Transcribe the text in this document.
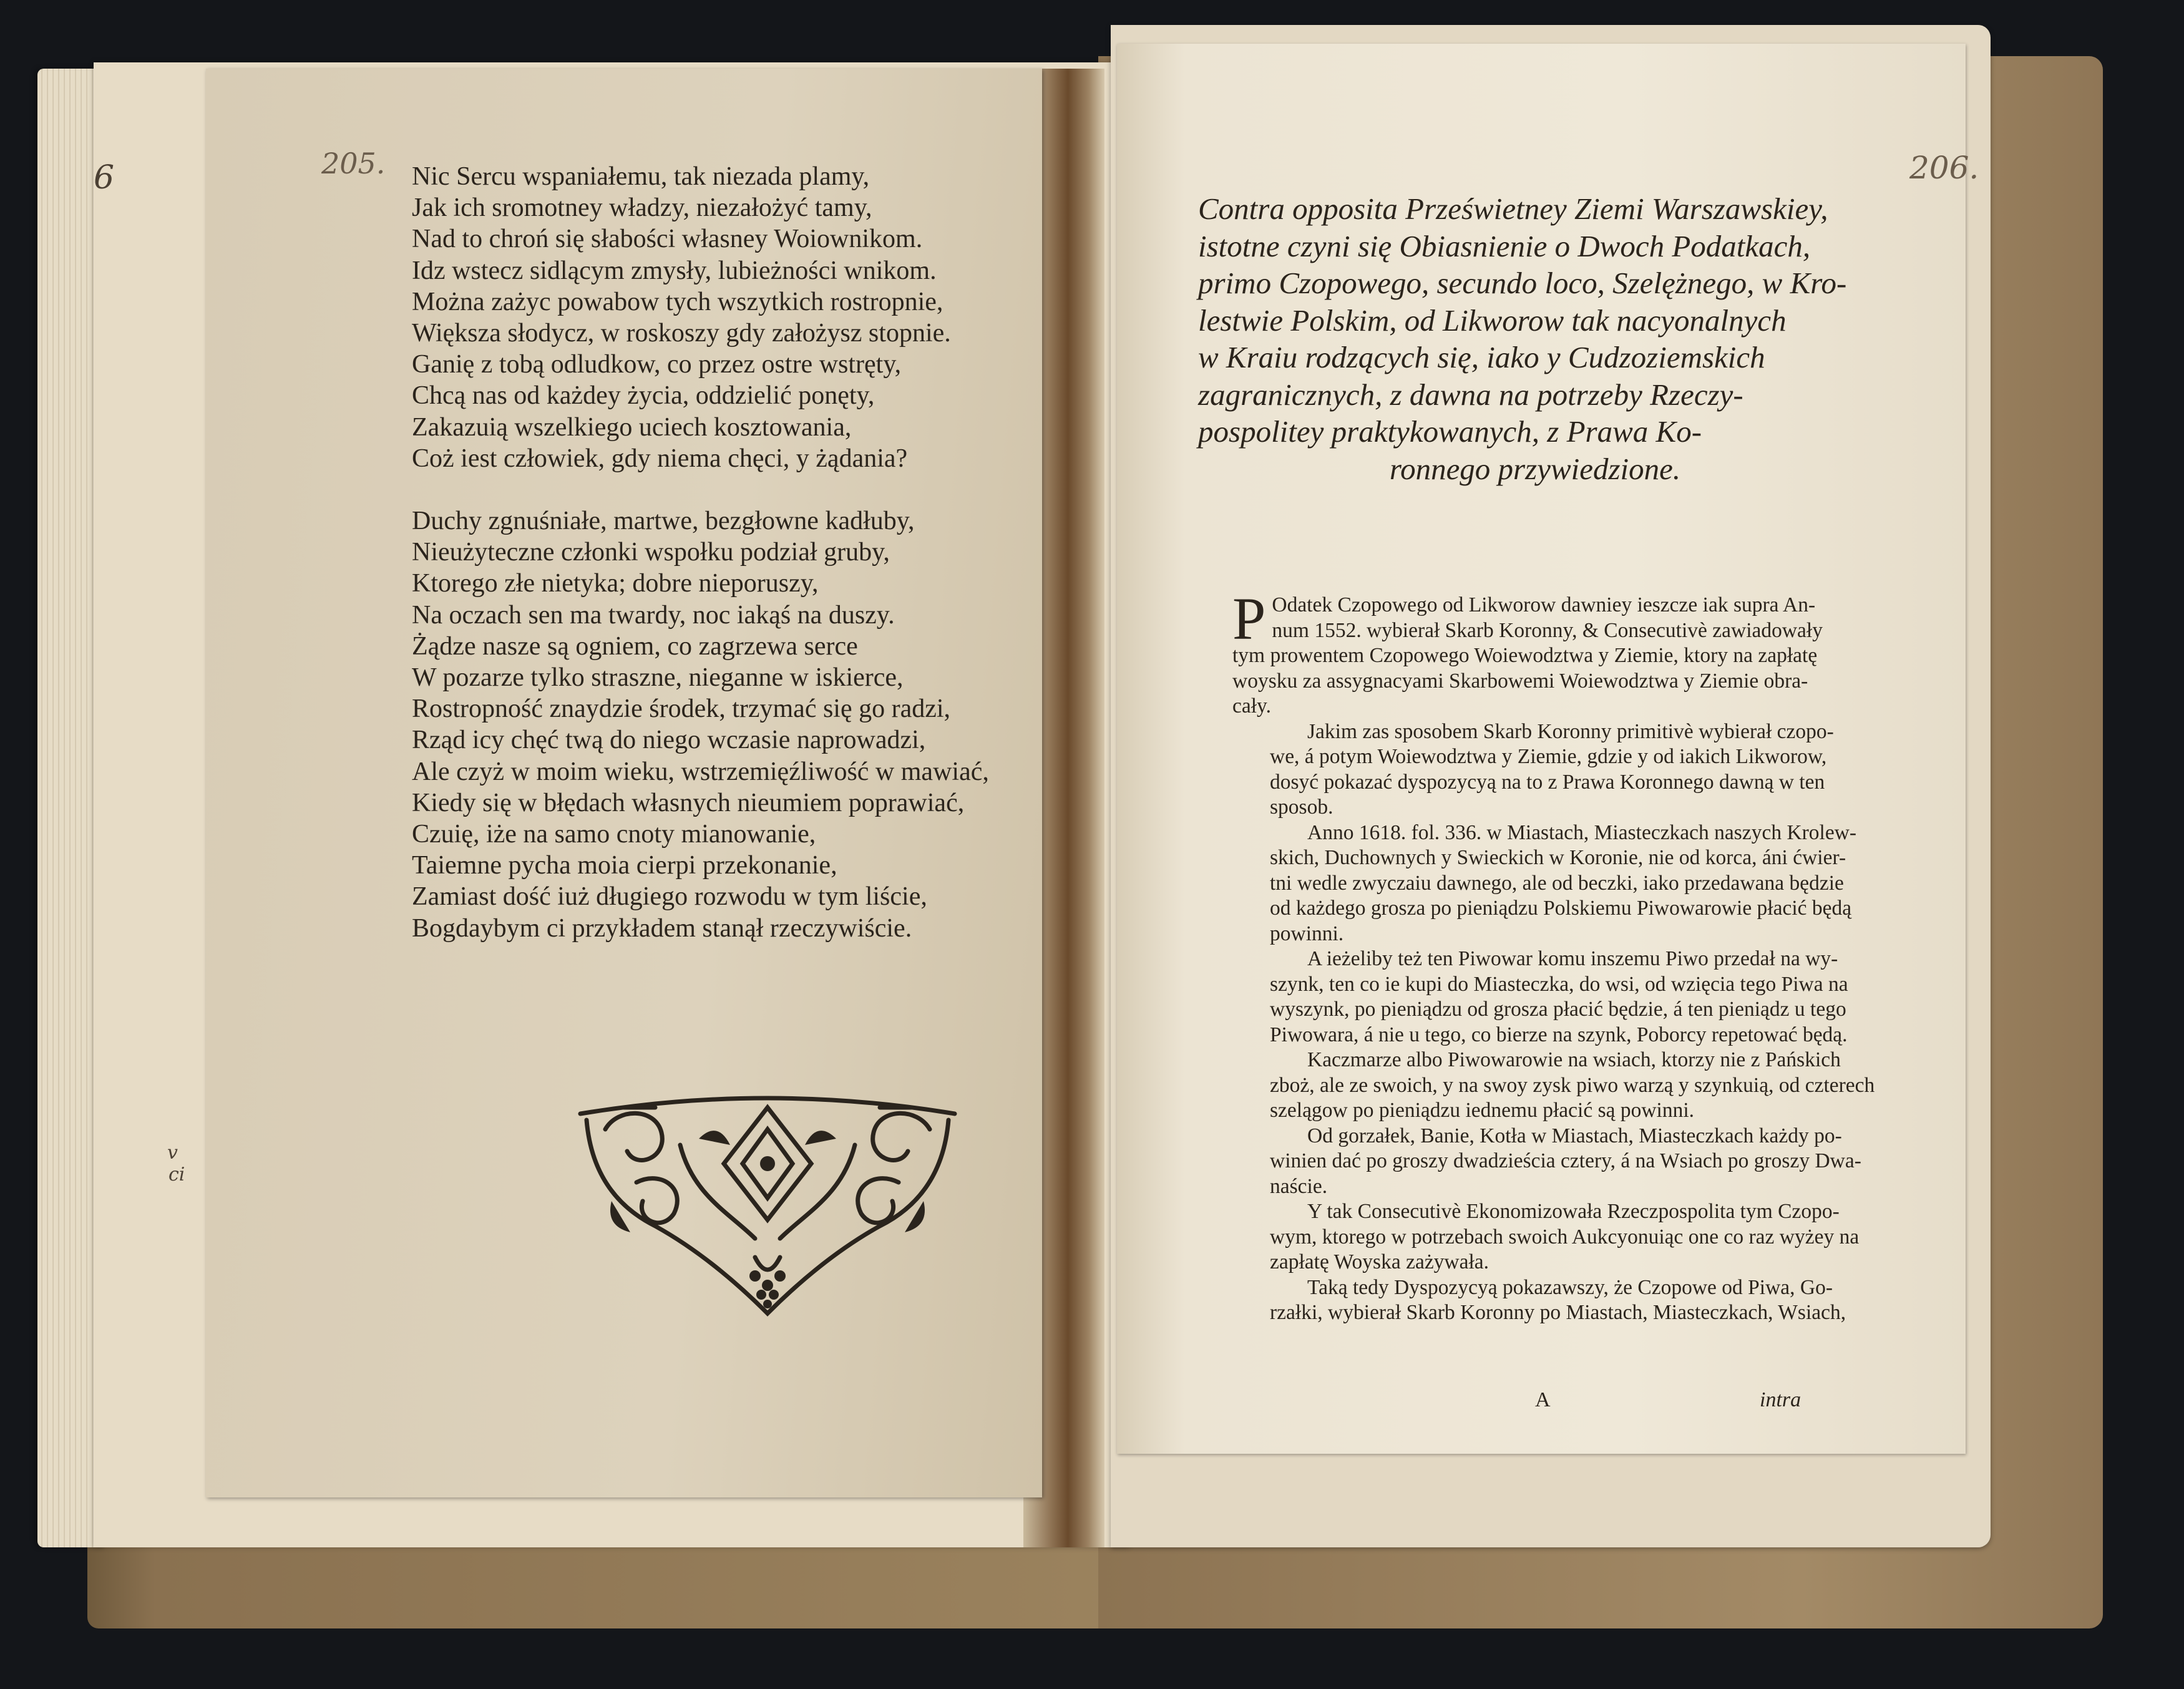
6
v
ci
205. Nic Sercu wspaniałemu, tak niezada plamy,
Jak ich sromotney władzy, niezałożyć tamy,
Nad to chroń się słabości własney Woiownikom.
Idz wstecz sidlącym zmysły, lubieżności wnikom.
Można zażyc powabow tych wszytkich rostropnie,
Większa słodycz, w roskoszy gdy założysz stopnie.
Ganię z tobą odludkow, co przez ostre wstręty,
Chcą nas od każdey życia, oddzielić ponęty,
Zakazuią wszelkiego uciech kosztowania,
Coż iest człowiek, gdy niema chęci, y żądania?
Duchy zgnuśniałe, martwe, bezgłowne kadłuby,
Nieużyteczne członki wspołku podział gruby,
Ktorego złe nietyka; dobre nieporuszy,
Na oczach sen ma twardy, noc iakąś na duszy.
Żądze nasze są ogniem, co zagrzewa serce
W pozarze tylko straszne, niegannе w iskierce,
Rostropność znaydzie środek, trzymać się go radzi,
Rząd icy chęć twą do niego wczasie naprowadzi,
Ale czyż w moim wieku, wstrzemięźliwość w mawiać,
Kiedy się w błędach własnych nieumiem poprawiać,
Czuię, iże na samo cnoty mianowanie,
Taiemne pycha moia cierpi przekonanie,
Zamiast dość iuż długiego rozwodu w tym liście,
Bogdaybym ci przykładem stanął rzeczywiście.
206.
Contra opposita Prześwietney Ziemi Warszawskiey,
istotne czyni się Obiasnienie o Dwoch Podatkach,
primo Czopowego, secundo loco, Szelężnego, w Kro-
lestwie Polskim, od Likworow tak nacyonalnych
w Kraiu rodzących się, iako y Cudzoziemskich
zagranicznych, z dawna na potrzeby Rzeczy-
pospolitey praktykowanych, z Prawa Ko-
ronnego przywiedzione.

P Odatek Czopowego od Likworow dawniey ieszcze iak supra An-
num 1552. wybierał Skarb Koronny, & Consecutivè zawiadowały
tym prowentem Czopowego Woiewodztwa y Ziemie, ktory na zapłatę
woysku za assygnacyami Skarbowemi Woiewodztwa y Ziemie obra-
cały.

Jakim zas sposobem Skarb Koronny primitivè wybierał czopo-
we, á potym Woiewodztwa y Ziemie, gdzie y od iakich Likworow,
dosyć pokazać dyspozycyą na to z Prawa Koronnego dawną w ten
sposob.

Anno 1618. fol. 336. w Miastach, Miasteczkach naszych Krolew-
skich, Duchownych y Swieckich w Koronie, nie od korca, áni ćwier-
tni wedle zwyczaiu dawnego, ale od beczki, iako przedawana będzie
od każdego grosza po pieniądzu Polskiemu Piwowarowie płacić będą
powinni.

A ieżeliby też ten Piwowar komu inszemu Piwo przedał na wy-
szynk, ten co ie kupi do Miasteczka, do wsi, od wzięcia tego Piwa na
wyszynk, po pieniądzu od grosza płacić będzie, á ten pieniądz u tego
Piwowara, á nie u tego, co bierze na szynk, Poborcy repetować będą.

Kaczmarze albo Piwowarowie na wsiach, ktorzy nie z Pańskich
zboż, ale ze swoich, y na swoy zysk piwo warzą y szynkuią, od czterech
szelągow po pieniądzu iednemu płacić są powinni.

Od gorzałek, Banie, Kotła w Miastach, Miasteczkach każdy po-
winien dać po groszy dwadzieścia cztery, á na Wsiach po groszy Dwa-
naście.

Y tak Consecutivè Ekonomizowała Rzeczpospolita tym Czopo-
wym, ktorego w potrzebach swoich Aukcyonuiąc one co raz wyżey na
zapłatę Woyska zażywała.

Taką tedy Dyspozycyą pokazawszy, że Czopowe od Piwa, Go-
rzałki, wybierał Skarb Koronny po Miastach, Miasteczkach, Wsiach,

A	intra
